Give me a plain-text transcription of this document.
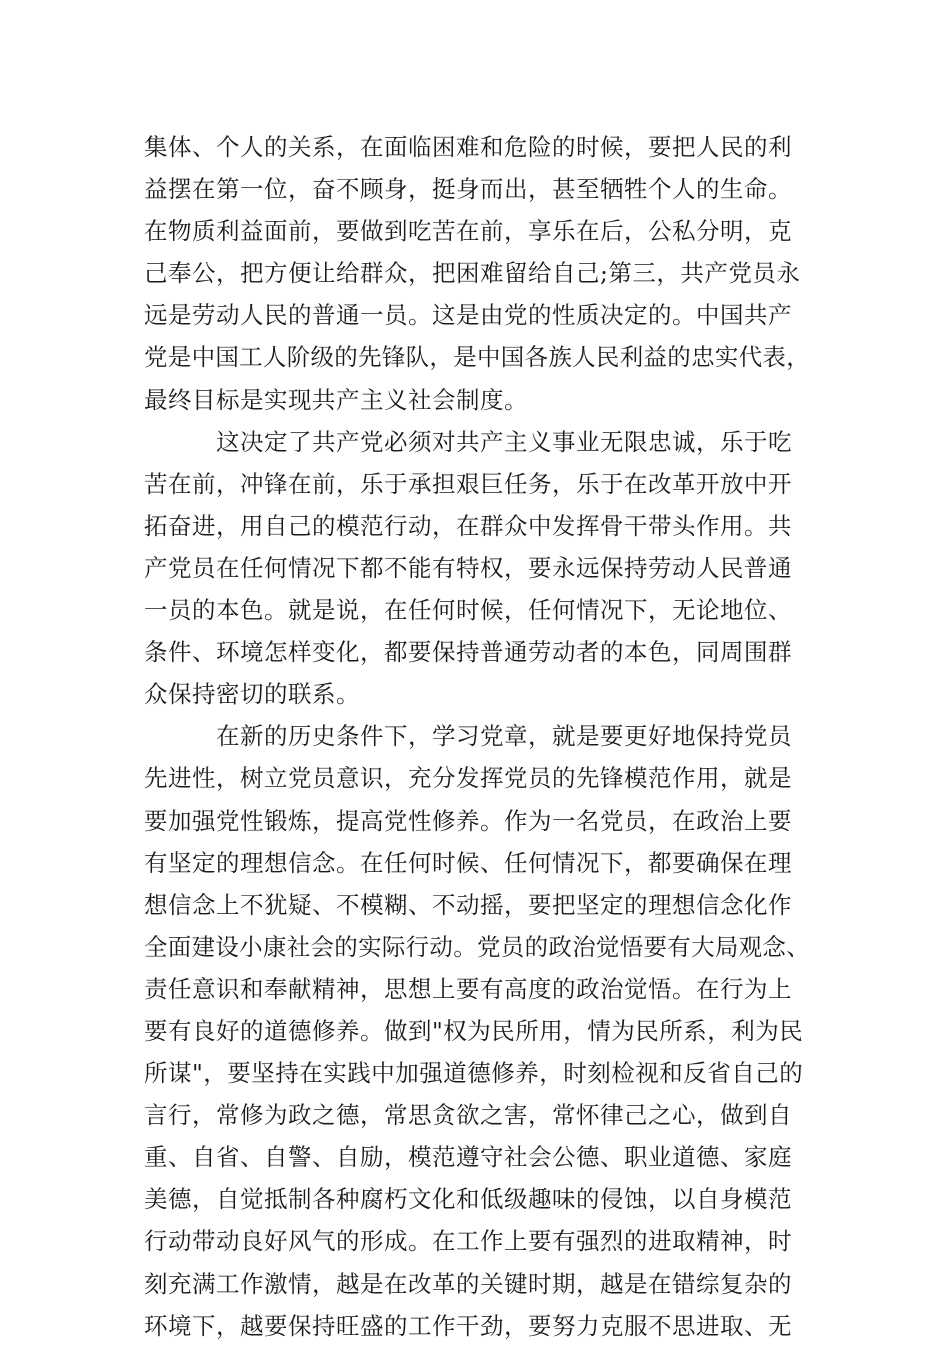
集体、个人的关系，在面临困难和危险的时候，要把人民的利
益摆在第一位，奋不顾身，挺身而出，甚至牺牲个人的生命。
在物质利益面前，要做到吃苦在前，享乐在后，公私分明，克
己奉公，把方便让给群众，把困难留给自己;第三，共产党员永
远是劳动人民的普通一员。这是由党的性质决定的。中国共产
党是中国工人阶级的先锋队，是中国各族人民利益的忠实代表，
最终目标是实现共产主义社会制度。
这决定了共产党必须对共产主义事业无限忠诚，乐于吃
苦在前，冲锋在前，乐于承担艰巨任务，乐于在改革开放中开
拓奋进，用自己的模范行动，在群众中发挥骨干带头作用。共
产党员在任何情况下都不能有特权，要永远保持劳动人民普通
一员的本色。就是说，在任何时候，任何情况下，无论地位、
条件、环境怎样变化，都要保持普通劳动者的本色，同周围群
众保持密切的联系。
在新的历史条件下，学习党章，就是要更好地保持党员
先进性，树立党员意识，充分发挥党员的先锋模范作用，就是
要加强党性锻炼，提高党性修养。作为一名党员，在政治上要
有坚定的理想信念。在任何时候、任何情况下，都要确保在理
想信念上不犹疑、不模糊、不动摇，要把坚定的理想信念化作
全面建设小康社会的实际行动。党员的政治觉悟要有大局观念、
责任意识和奉献精神，思想上要有高度的政治觉悟。在行为上
要有良好的道德修养。做到"权为民所用，情为民所系，利为民
所谋"，要坚持在实践中加强道德修养，时刻检视和反省自己的
言行，常修为政之德，常思贪欲之害，常怀律己之心，做到自
重、自省、自警、自励，模范遵守社会公德、职业道德、家庭
美德，自觉抵制各种腐朽文化和低级趣味的侵蚀，以自身模范
行动带动良好风气的形成。在工作上要有强烈的进取精神，时
刻充满工作激情，越是在改革的关键时期，越是在错综复杂的
环境下，越要保持旺盛的工作干劲，要努力克服不思进取、无
